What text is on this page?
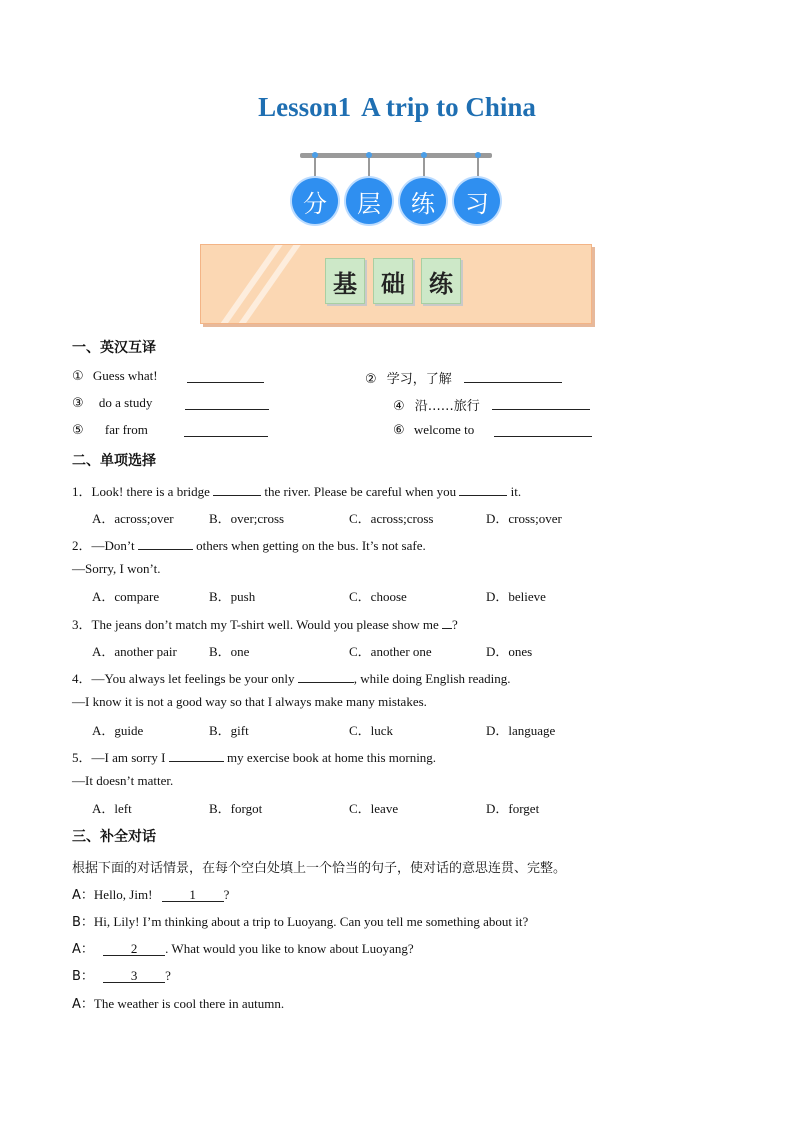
Lesson1 A trip to China
分	层	练	习
基	础	练
一、英汉互译
① Guess what!	② 学习，了解
③ do a study	④ 沿……旅行
⑤ far from	⑥ welcome to
二、单项选择
1．Look! there is a bridge	the river. Please be careful when you	it.
A．across;over	B．over;cross	C．across;cross	D．cross;over
2．—Don’t	others when getting on the bus. It’s not safe.
—Sorry, I won’t.
A．compare	B．push	C．choose	D．believe
3．The jeans don’t match my T-shirt well. Would you please show me ?
A．another pair B．one	C．another one	D．ones
4．—You always let feelings be your only	, while doing English reading.
—I know it is not a good way so that I always make many mistakes.
A．guide	B．gift	C．luck	D．language
5．—I am sorry I	my exercise book at home this morning.
—It doesn’t matter.
A．left	B．forgot	C．leave	D．forget
三、补全对话
根据下面的对话情景，在每个空白处填上一个恰当的句子，使对话的意思连贯、完整。
A：Hello, Jim!	1 ?
B：Hi, Lily! I’m thinking about a trip to Luoyang. Can you tell me something about it?
A：	2 . What would you like to know about Luoyang?
B：	3 ?
A：The weather is cool there in autumn.
